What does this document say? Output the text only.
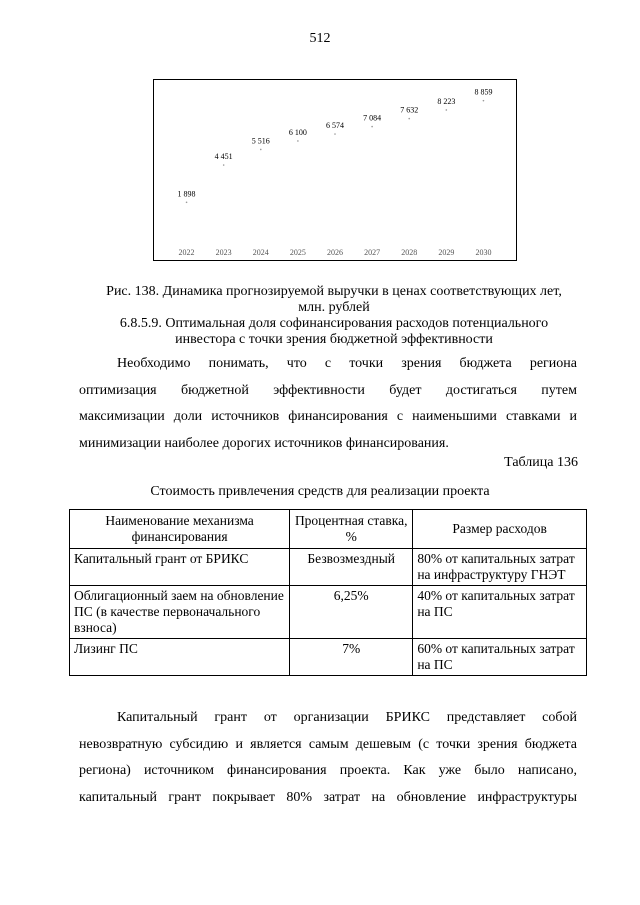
512
2022
1 898
2023
4 451
2024
5 516
2025
6 100
2026
6 574
2027
7 084
2028
7 632
2029
8 223
2030
8 859
Рис. 138. Динамика прогнозируемой выручки в ценах соответствующих лет,
млн. рублей
6.8.5.9. Оптимальная доля софинансирования расходов потенциального
инвестора с точки зрения бюджетной эффективности
Необходимо понимать, что с точки зрения бюджета региона
оптимизация бюджетной эффективности будет достигаться путем
максимизации доли источников финансирования с наименьшими ставками и
минимизации наиболее дорогих источников финансирования.
Таблица 136
Стоимость привлечения средств для реализации проекта
Наименование механизма финансирования	Процентная ставка, %	Размер расходов
Капитальный грант от БРИКС	Безвозмездный	80% от капитальных затрат на инфраструктуру ГНЭТ
Облигационный заем на обновление ПС (в качестве первоначального взноса)	6,25%	40% от капитальных затрат на ПС
Лизинг ПС	7%	60% от капитальных затрат на ПС
Капитальный грант от организации БРИКС представляет собой
невозвратную субсидию и является самым дешевым (с точки зрения бюджета
региона) источником финансирования проекта. Как уже было написано,
капитальный грант покрывает 80% затрат на обновление инфраструктуры
